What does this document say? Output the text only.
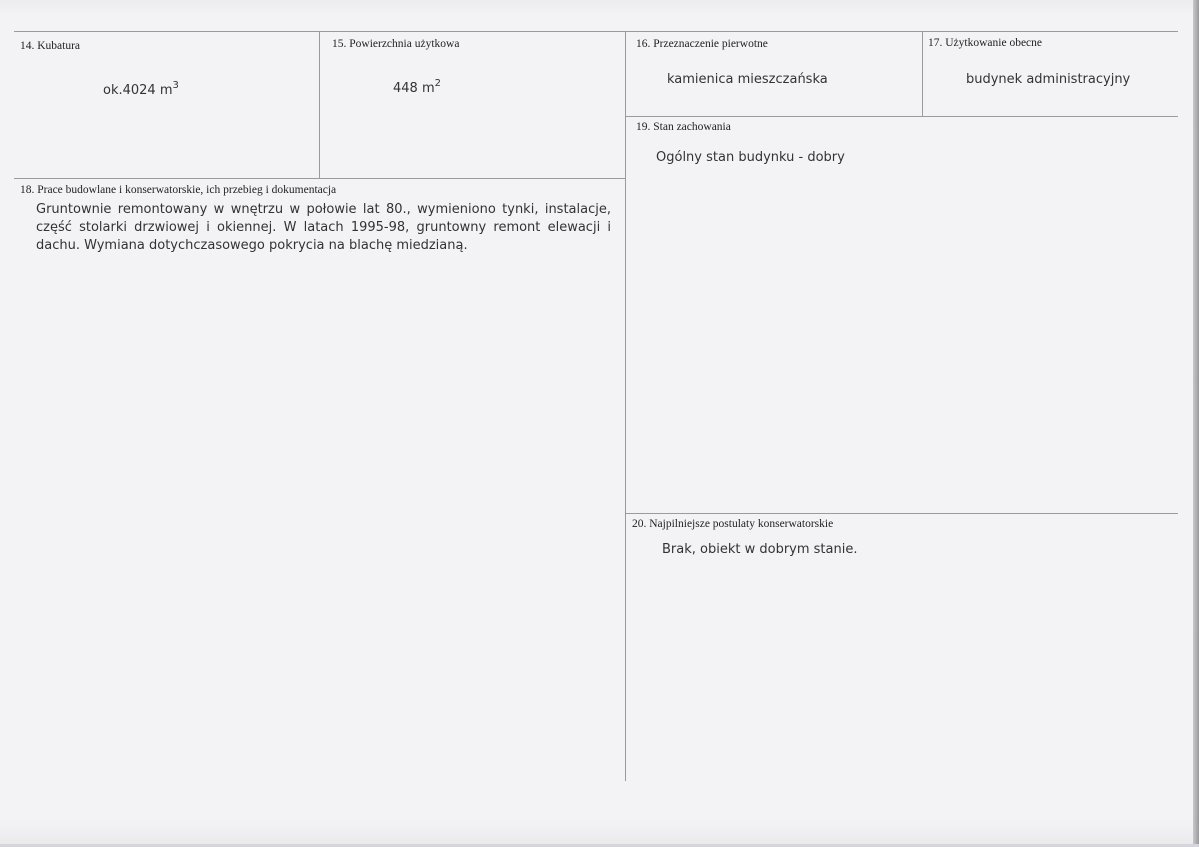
14. Kubatura
ok.4024 $m^3$
15. Powierzchnia użytkowa
448 $m^2$
16. Przeznaczenie pierwotne
kamienica mieszczańska
17. Użytkowanie obecne
budynek administracyjny
19. Stan zachowania
Ogólny stan budynku - dobry
18. Prace budowlane i konserwatorskie, ich przebieg i dokumentacja
Gruntownie remontowany w wnętrzu w połowie lat 80., wymieniono tynki, instalacje, część stolarki drzwiowej i okiennej. W latach 1995-98, gruntowny remont elewacji i dachu. Wymiana dotychczasowego pokrycia na blachę miedzianą.
20. Najpilniejsze postulaty konserwatorskie
Brak, obiekt w dobrym stanie.
